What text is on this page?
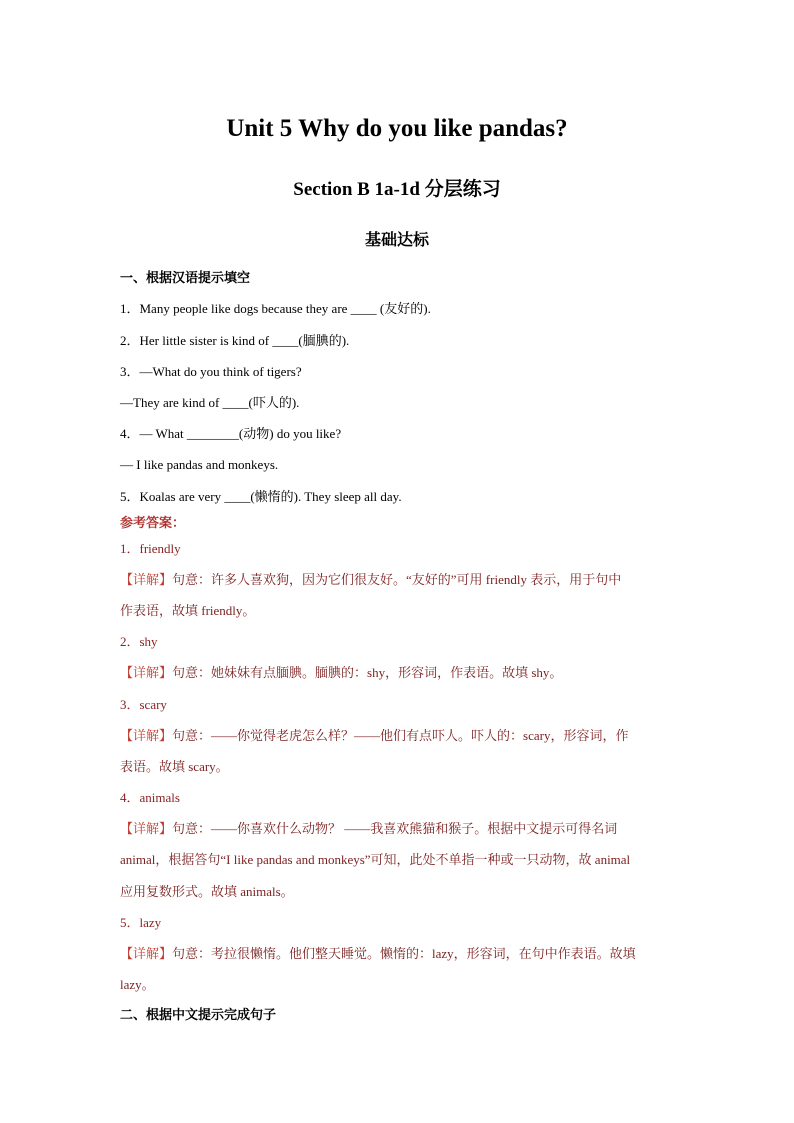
Unit 5 Why do you like pandas?
Section B 1a-1d 分层练习
基础达标
一、根据汉语提示填空
1．Many people like dogs because they are ____ (友好的).
2．Her little sister is kind of ____(腼腆的).
3．—What do you think of tigers?
—They are kind of ____(吓人的).
4．— What ________(动物) do you like?
— I like pandas and monkeys.
5．Koalas are very ____(懒惰的). They sleep all day.
参考答案：
1．friendly
【详解】句意：许多人喜欢狗，因为它们很友好。“友好的”可用 friendly 表示，用于句中
作表语，故填 friendly。
2．shy
【详解】句意：她妹妹有点腼腆。腼腆的：shy，形容词，作表语。故填 shy。
3．scary
【详解】句意：——你觉得老虎怎么样？——他们有点吓人。吓人的：scary，形容词，作
表语。故填 scary。
4．animals
【详解】句意：——你喜欢什么动物？ ——我喜欢熊猫和猴子。根据中文提示可得名词
animal，根据答句“I like pandas and monkeys”可知，此处不单指一种或一只动物，故 animal
应用复数形式。故填 animals。
5．lazy
【详解】句意：考拉很懒惰。他们整天睡觉。懒惰的：lazy，形容词，在句中作表语。故填
lazy。
二、根据中文提示完成句子
